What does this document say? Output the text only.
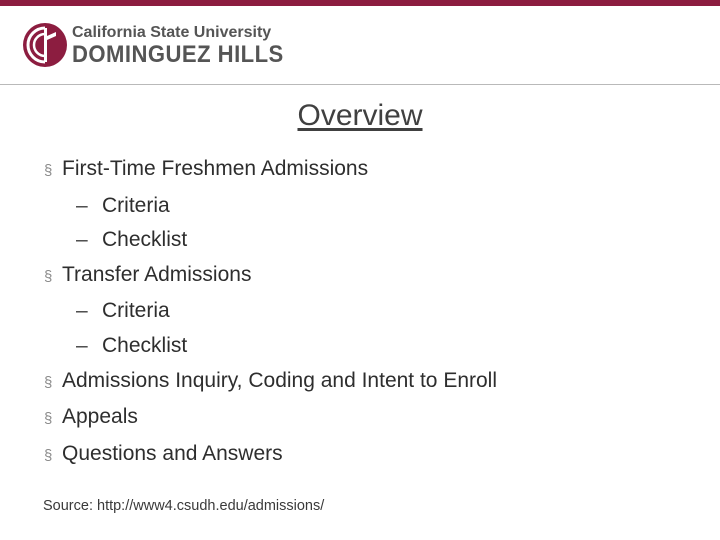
California State University
DOMINGUEZ HILLS
Overview
§ First-Time Freshmen Admissions
– Criteria
– Checklist
§ Transfer Admissions
– Criteria
– Checklist
§ Admissions Inquiry, Coding and Intent to Enroll
§ Appeals
§ Questions and Answers
Source: http://www4.csudh.edu/admissions/
